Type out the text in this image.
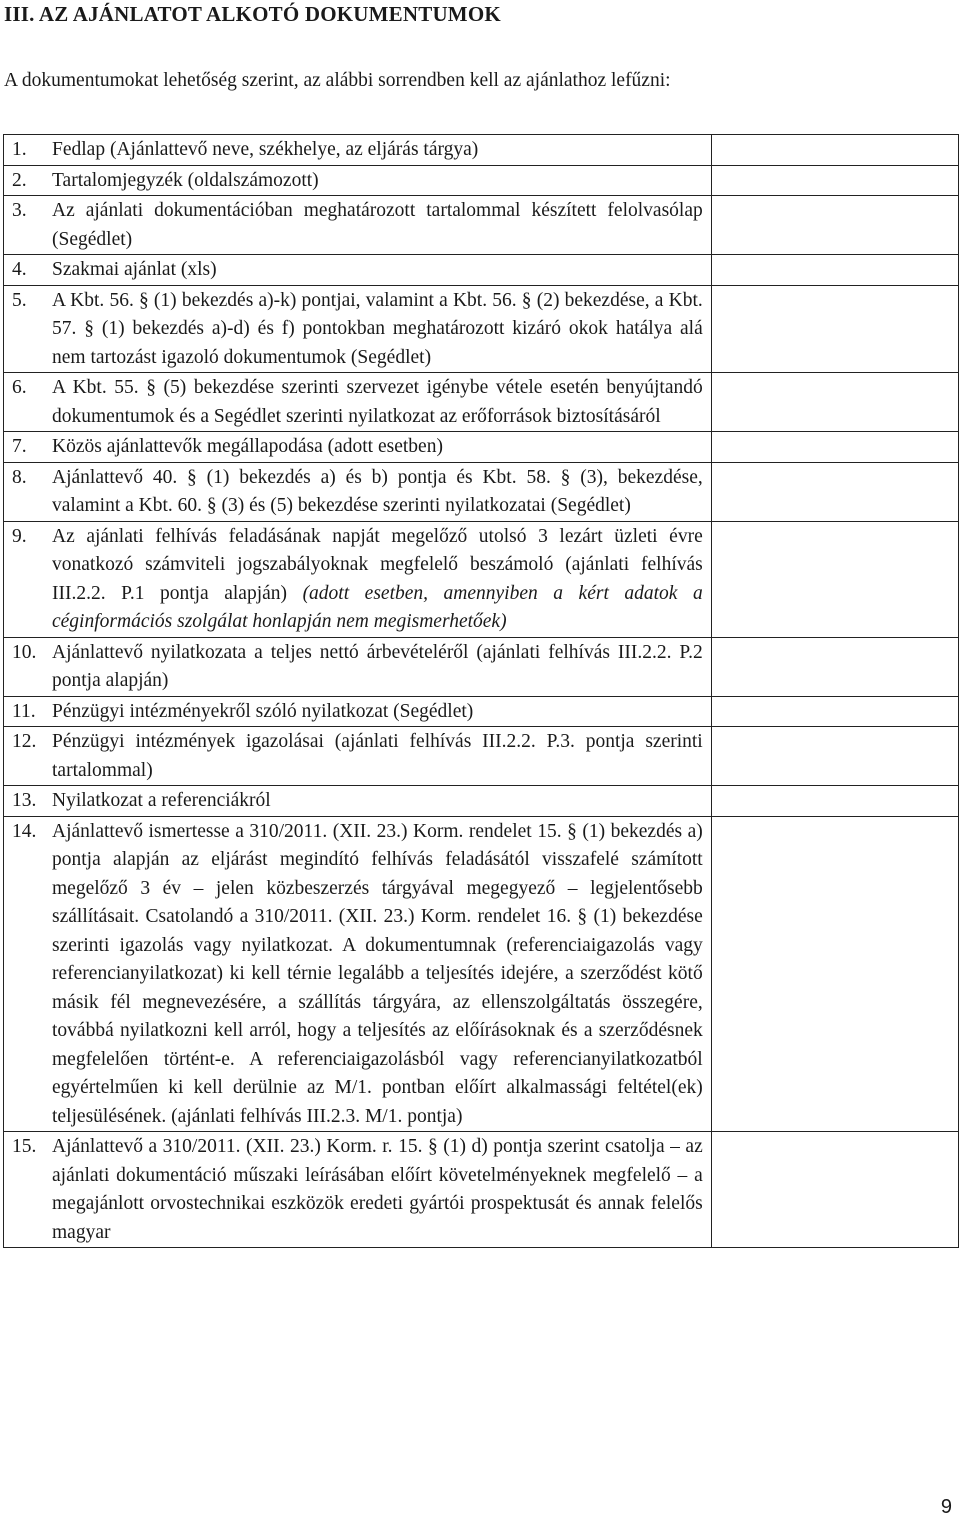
III. AZ AJÁNLATOT ALKOTÓ DOKUMENTUMOK
A dokumentumokat lehetőség szerint, az alábbi sorrendben kell az ajánlathoz lefűzni:
1. Fedlap (Ajánlattevő neve, székhelye, az eljárás tárgya)	

2. Tartalomjegyzék (oldalszámozott)	

3. Az ajánlati dokumentációban meghatározott tartalommal készített felolvasólap (Segédlet)	

4. Szakmai ajánlat (xls)	

5. A Kbt. 56. § (1) bekezdés a)-k) pontjai, valamint a Kbt. 56. § (2) bekezdése, a Kbt. 57. § (1) bekezdés a)-d) és f) pontokban meghatározott kizáró okok hatálya alá nem tartozást igazoló dokumentumok (Segédlet)	

6. A Kbt. 55. § (5) bekezdése szerinti szervezet igénybe vétele esetén benyújtandó dokumentumok és a Segédlet szerinti nyilatkozat az erőforrások biztosításáról	

7. Közös ajánlattevők megállapodása (adott esetben)	

8. Ajánlattevő 40. § (1) bekezdés a) és b) pontja és Kbt. 58. § (3), bekezdése, valamint a Kbt. 60. § (3) és (5) bekezdése szerinti nyilatkozatai (Segédlet)	

9. Az ajánlati felhívás feladásának napját megelőző utolsó 3 lezárt üzleti évre vonatkozó számviteli jogszabályoknak megfelelő beszámoló (ajánlati felhívás III.2.2. P.1 pontja alapján) (adott esetben, amennyiben a kért adatok a céginformációs szolgálat honlapján nem megismerhetőek)	

10. Ajánlattevő nyilatkozata a teljes nettó árbevételéről (ajánlati felhívás III.2.2. P.2 pontja alapján)	

11. Pénzügyi intézményekről szóló nyilatkozat (Segédlet)	

12. Pénzügyi intézmények igazolásai (ajánlati felhívás III.2.2. P.3. pontja szerinti tartalommal)	

13. Nyilatkozat a referenciákról	

14. Ajánlattevő ismertesse a 310/2011. (XII. 23.) Korm. rendelet 15. § (1) bekezdés a) pontja alapján az eljárást megindító felhívás feladásától visszafelé számított megelőző 3 év – jelen közbeszerzés tárgyával megegyező – legjelentősebb szállításait. Csatolandó a 310/2011. (XII. 23.) Korm. rendelet 16. § (1) bekezdése szerinti igazolás vagy nyilatkozat. A dokumentumnak (referenciaigazolás vagy referencianyilatkozat) ki kell térnie legalább a teljesítés idejére, a szerződést kötő másik fél megnevezésére, a szállítás tárgyára, az ellenszolgáltatás összegére, továbbá nyilatkozni kell arról, hogy a teljesítés az előírásoknak és a szerződésnek megfelelően történt-e. A referenciaigazolásból vagy referencianyilatkozatból egyértelműen ki kell derülnie az M/1. pontban előírt alkalmassági feltétel(ek) teljesülésének. (ajánlati felhívás III.2.3. M/1. pontja)	

15. Ajánlattevő a 310/2011. (XII. 23.) Korm. r. 15. § (1) d) pontja szerint csatolja – az ajánlati dokumentáció műszaki leírásában előírt követelményeknek megfelelő – a megajánlott orvostechnikai eszközök eredeti gyártói prospektusát és annak felelős magyar	

9
